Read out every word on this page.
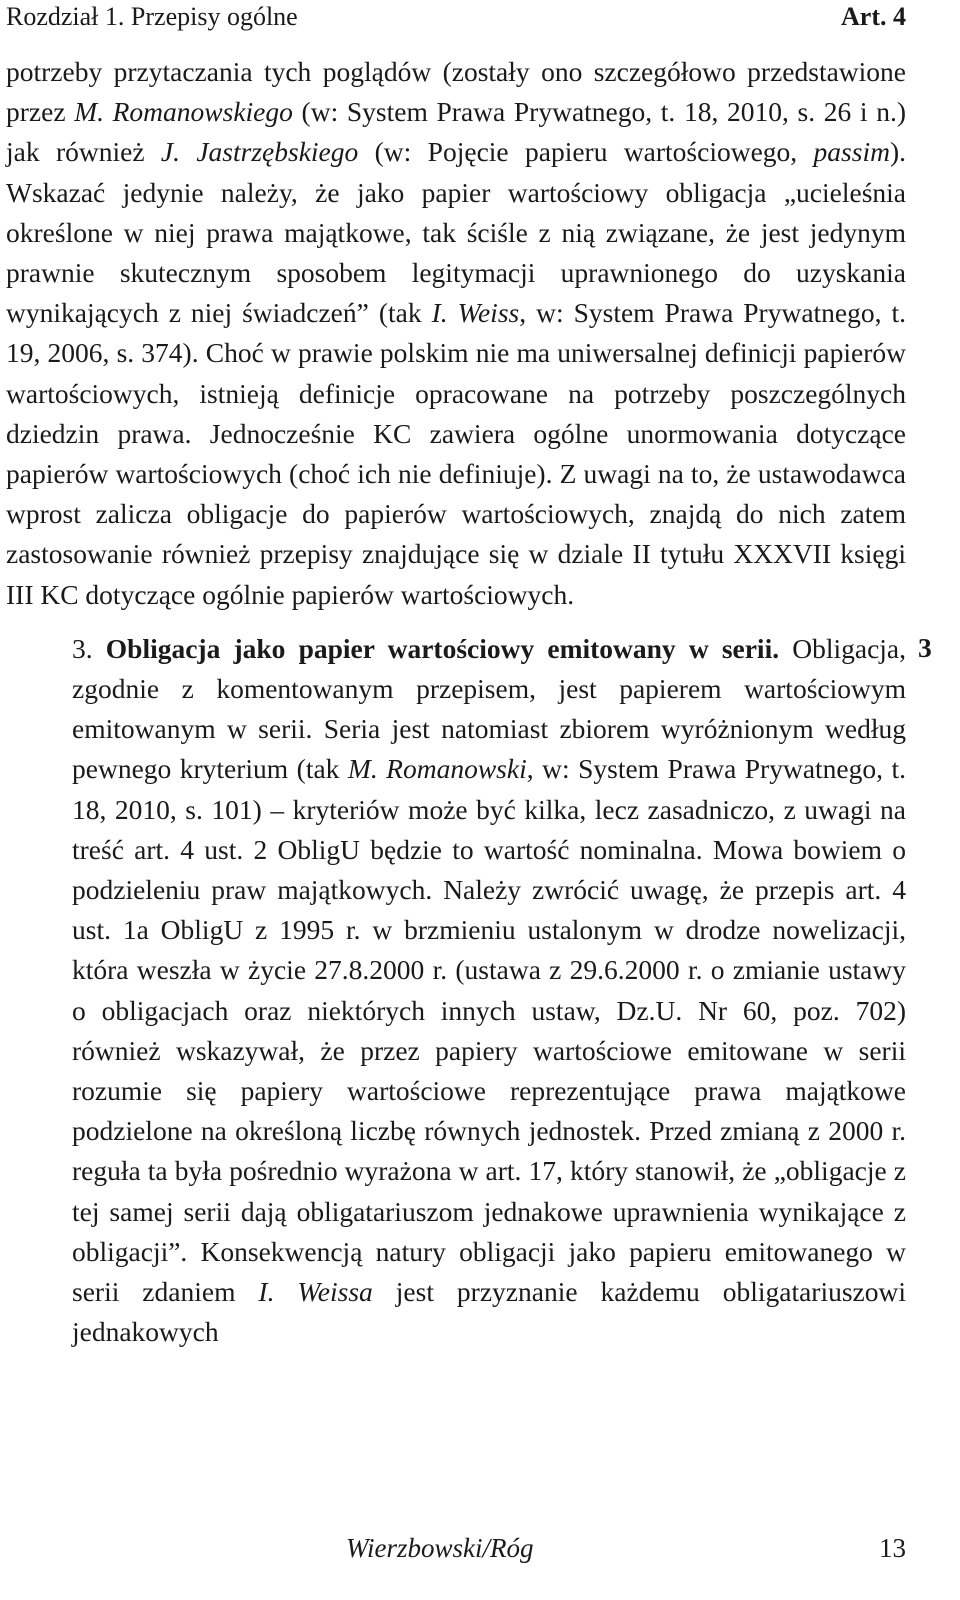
Rozdział 1. Przepisy ogólne	Art. 4

potrzeby przytaczania tych poglądów (zostały ono szczegółowo przedstawione przez M. Romanowskiego (w: System Prawa Prywatnego, t. 18, 2010, s. 26 i n.) jak również J. Jastrzębskiego (w: Pojęcie papieru wartościowego, passim). Wskazać jedynie należy, że jako papier wartościowy obligacja „ucieleśnia określone w niej prawa majątkowe, tak ściśle z nią związane, że jest jedynym prawnie skutecznym sposobem legitymacji uprawnionego do uzyskania wynikających z niej świadczeń” (tak I. Weiss, w: System Prawa Prywatnego, t. 19, 2006, s. 374). Choć w prawie polskim nie ma uniwersalnej definicji papierów wartościowych, istnieją definicje opracowane na potrzeby poszczególnych dziedzin prawa. Jednocześnie KC zawiera ogólne unormowania dotyczące papierów wartościowych (choć ich nie definiuje). Z uwagi na to, że ustawodawca wprost zalicza obligacje do papierów wartościowych, znajdą do nich zatem zastosowanie również przepisy znajdujące się w dziale II tytułu XXXVII księgi III KC dotyczące ogólnie papierów wartościowych.

3. Obligacja jako papier wartościowy emitowany w serii. Obligacja, zgodnie z komentowanym przepisem, jest papierem wartościowym emitowanym w serii. Seria jest natomiast zbiorem wyróżnionym według pewnego kryterium (tak M. Romanowski, w: System Prawa Prywatnego, t. 18, 2010, s. 101) – kryteriów może być kilka, lecz zasadniczo, z uwagi na treść art. 4 ust. 2 ObligU będzie to wartość nominalna. Mowa bowiem o podzieleniu praw majątkowych. Należy zwrócić uwagę, że przepis art. 4 ust. 1a ObligU z 1995 r. w brzmieniu ustalonym w drodze nowelizacji, która weszła w życie 27.8.2000 r. (ustawa z 29.6.2000 r. o zmianie ustawy o obligacjach oraz niektórych innych ustaw, Dz.U. Nr 60, poz. 702) również wskazywał, że przez papiery wartościowe emitowane w serii rozumie się papiery wartościowe reprezentujące prawa majątkowe podzielone na określoną liczbę równych jednostek. Przed zmianą z 2000 r. reguła ta była pośrednio wyrażona w art. 17, który stanowił, że „obligacje z tej samej serii dają obligatariuszom jednakowe uprawnienia wynikające z obligacji”. Konsekwencją natury obligacji jako papieru emitowanego w serii zdaniem I. Weissa jest przyznanie każdemu obligatariuszowi jednakowych

3
Wierzbowski/Róg	13
